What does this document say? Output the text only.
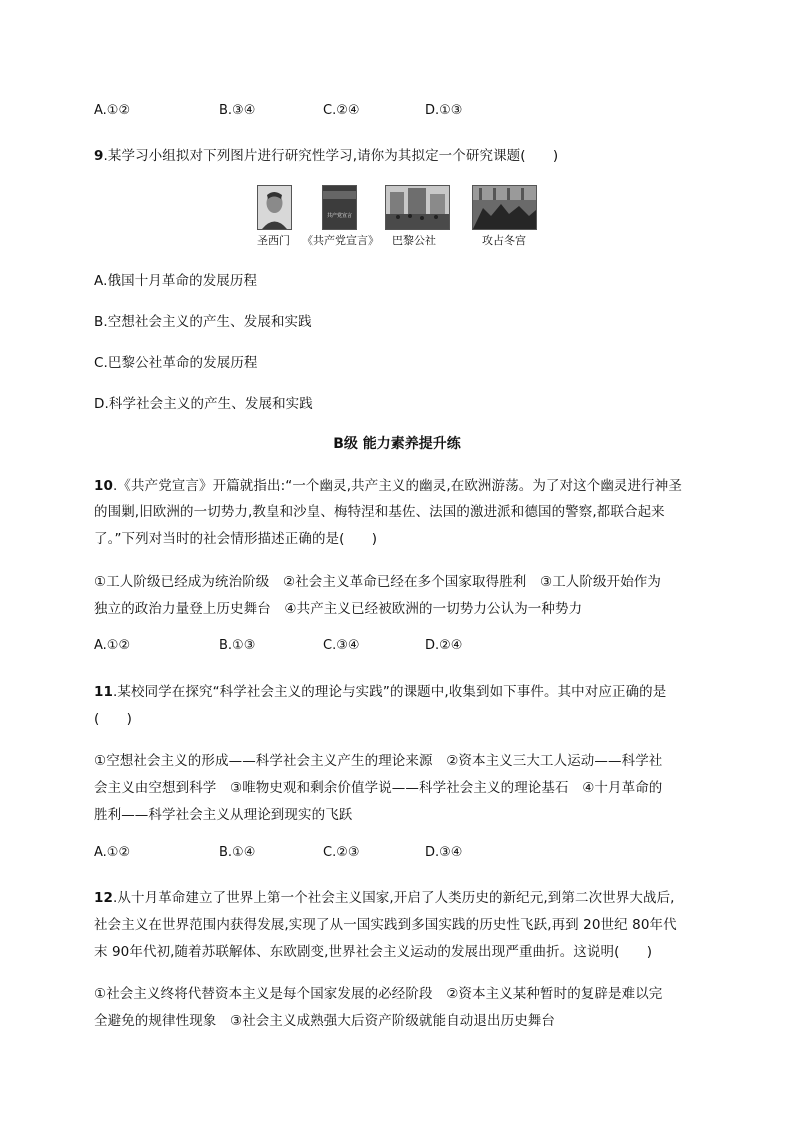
A.①②	B.③④	C.②④	D.①③
9.某学习小组拟对下列图片进行研究性学习,请你为其拟定一个研究课题(　　)
共产党宣言
圣西门 《共产党宣言》 巴黎公社	攻占冬宫
A.俄国十月革命的发展历程
B.空想社会主义的产生、发展和实践
C.巴黎公社革命的发展历程
D.科学社会主义的产生、发展和实践
B级 能力素养提升练
10.《共产党宣言》开篇就指出:“一个幽灵,共产主义的幽灵,在欧洲游荡。为了对这个幽灵进行神圣
的围剿,旧欧洲的一切势力,教皇和沙皇、梅特涅和基佐、法国的激进派和德国的警察,都联合起来
了。”下列对当时的社会情形描述正确的是(　　)
①工人阶级已经成为统治阶级　②社会主义革命已经在多个国家取得胜利　③工人阶级开始作为
独立的政治力量登上历史舞台　④共产主义已经被欧洲的一切势力公认为一种势力
A.①②	B.①③	C.③④	D.②④
11.某校同学在探究“科学社会主义的理论与实践”的课题中,收集到如下事件。其中对应正确的是
(　　)
①空想社会主义的形成——科学社会主义产生的理论来源　②资本主义三大工人运动——科学社
会主义由空想到科学　③唯物史观和剩余价值学说——科学社会主义的理论基石　④十月革命的
胜利——科学社会主义从理论到现实的飞跃
A.①②	B.①④	C.②③	D.③④
12.从十月革命建立了世界上第一个社会主义国家,开启了人类历史的新纪元,到第二次世界大战后,
社会主义在世界范围内获得发展,实现了从一国实践到多国实践的历史性飞跃,再到 20世纪 80年代
末 90年代初,随着苏联解体、东欧剧变,世界社会主义运动的发展出现严重曲折。这说明(　　)
①社会主义终将代替资本主义是每个国家发展的必经阶段　②资本主义某种暂时的复辟是难以完
全避免的规律性现象　③社会主义成熟强大后资产阶级就能自动退出历史舞台
